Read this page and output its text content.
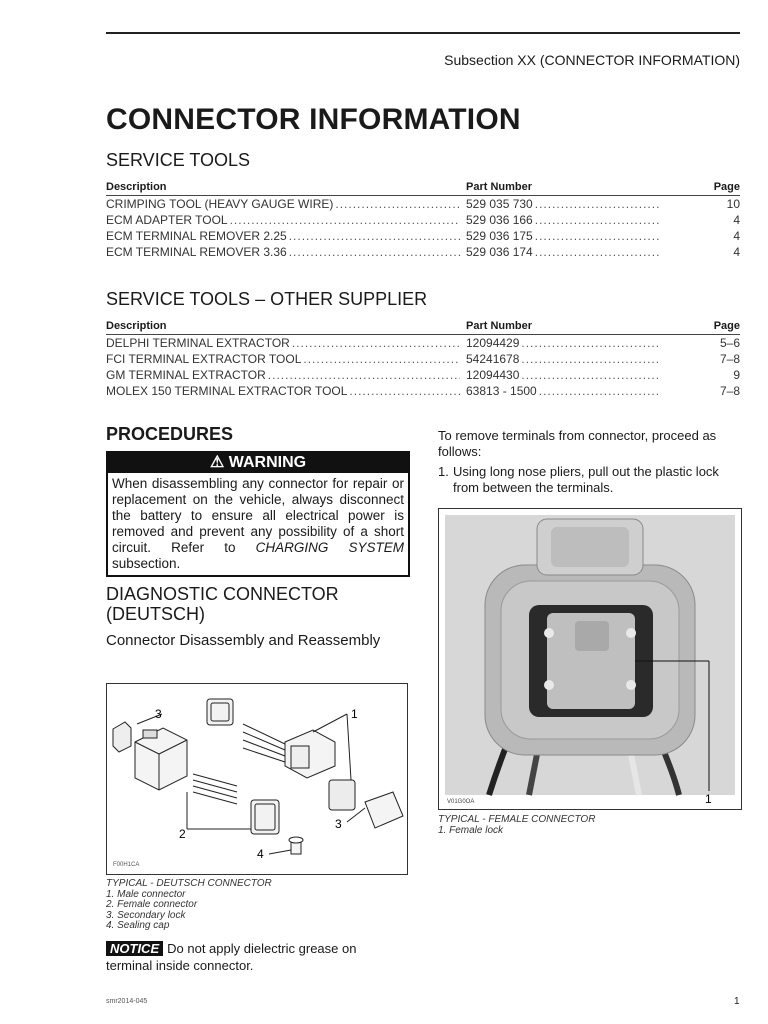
Subsection XX (CONNECTOR INFORMATION)
CONNECTOR INFORMATION
SERVICE TOOLS
Description	Part Number	Page
CRIMPING TOOL (HEAVY GAUGE WIRE) .....	529 035 730 .....	10
ECM ADAPTER TOOL .....	529 036 166 .....	4
ECM TERMINAL REMOVER 2.25 .....	529 036 175 .....	4
ECM TERMINAL REMOVER 3.36 .....	529 036 174 .....	4
SERVICE TOOLS – OTHER SUPPLIER
Description	Part Number	Page
DELPHI TERMINAL EXTRACTOR .....	12094429 .....	5–6
FCI TERMINAL EXTRACTOR TOOL .....	54241678 .....	7–8
GM TERMINAL EXTRACTOR .....	12094430 .....	9
MOLEX 150 TERMINAL EXTRACTOR TOOL .....	63813 - 1500 .....	7–8
PROCEDURES
⚠ WARNING
When disassembling any connector for repair or replacement on the vehicle, always disconnect the battery to ensure all electrical power is removed and prevent any possibility of a short circuit. Refer to CHARGING SYSTEM subsection.
DIAGNOSTIC CONNECTOR (DEUTSCH)
Connector Disassembly and Reassembly
3	1
2
3
4
F00H1CA
TYPICAL - DEUTSCH CONNECTOR
1. Male connector
2. Female connector
3. Secondary lock
4. Sealing cap
NOTICE Do not apply dielectric grease on terminal inside connector.
To remove terminals from connector, proceed as follows:
1. Using long nose pliers, pull out the plastic lock from between the terminals.
1
V01G0OA
TYPICAL - FEMALE CONNECTOR
1. Female lock
smr2014-045	1
